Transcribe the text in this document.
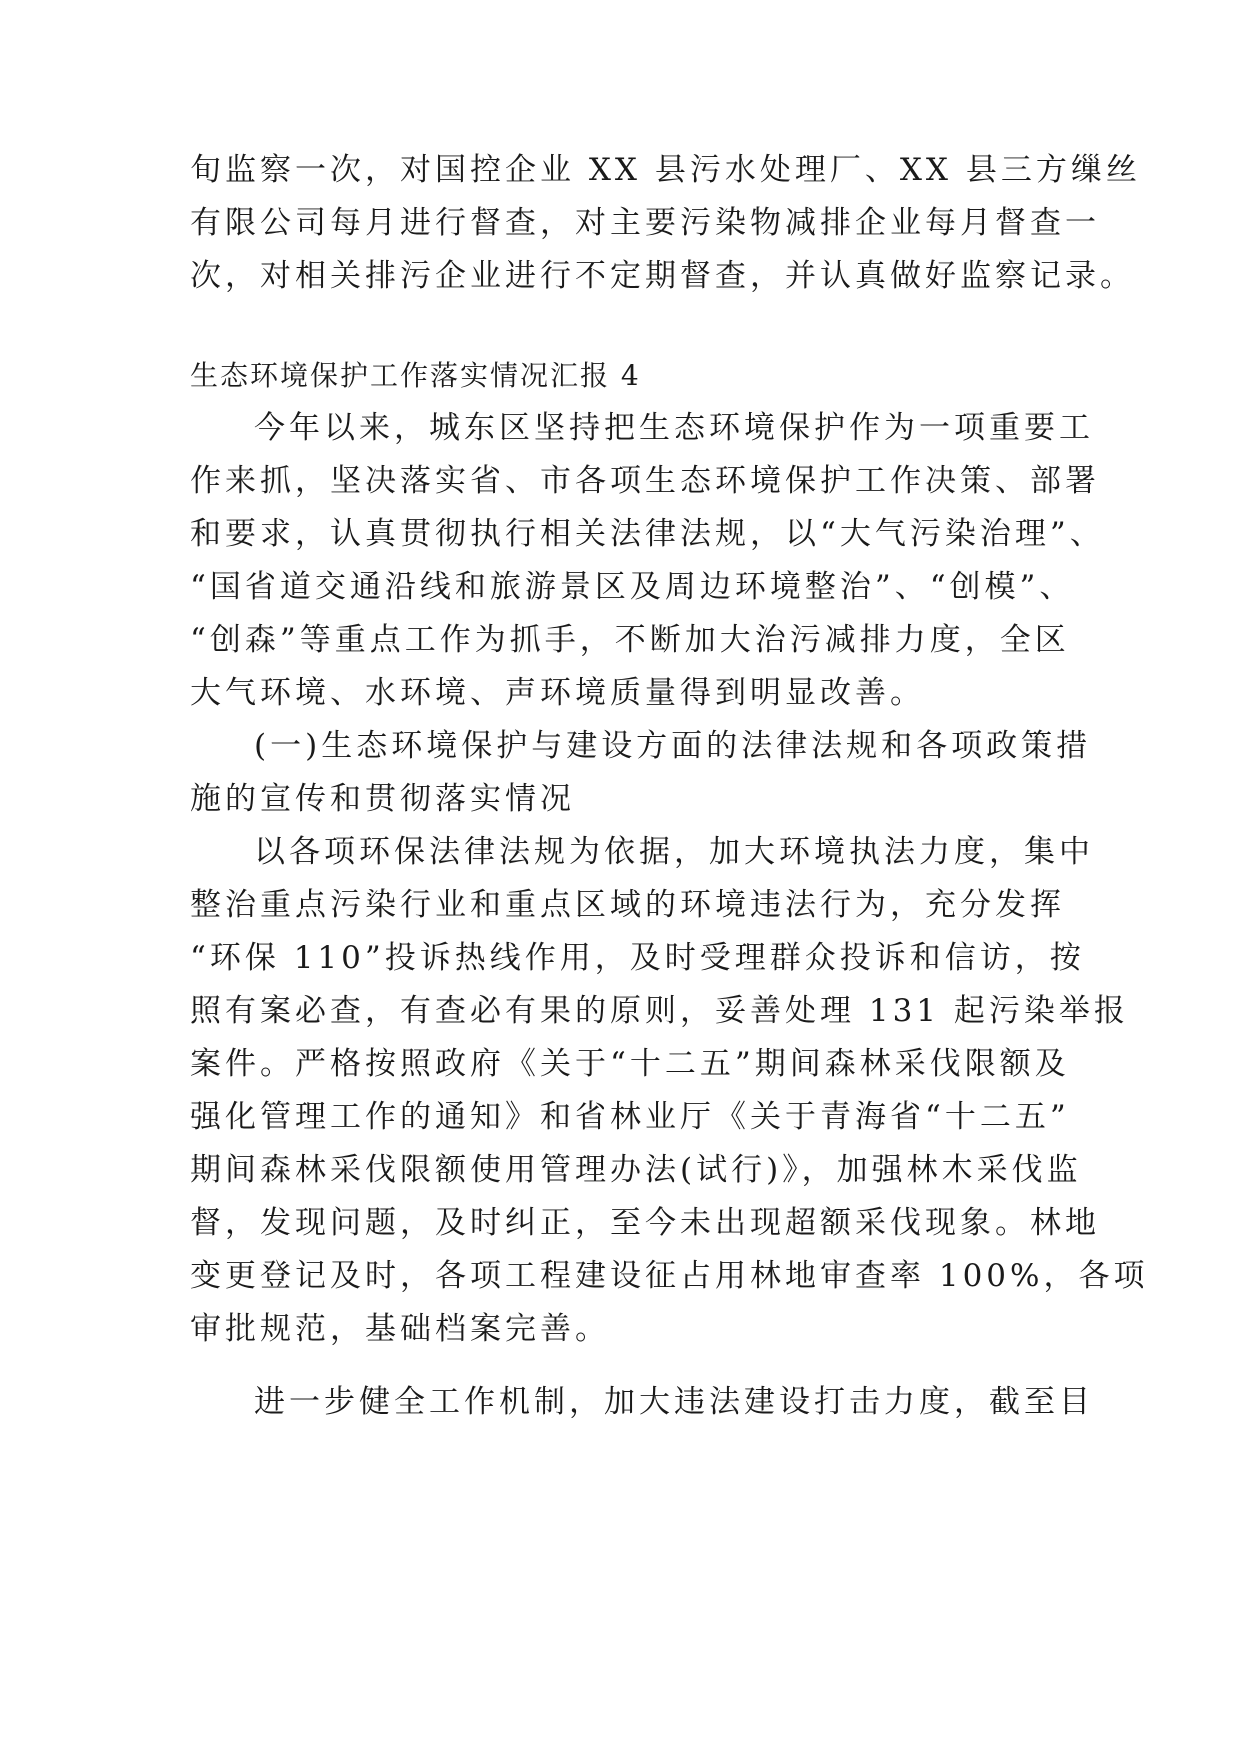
旬监察一次，对国控企业 XX 县污水处理厂、XX 县三方缫丝
有限公司每月进行督查，对主要污染物减排企业每月督查一
次，对相关排污企业进行不定期督查，并认真做好监察记录。
生态环境保护工作落实情况汇报 4
今年以来，城东区坚持把生态环境保护作为一项重要工
作来抓，坚决落实省、市各项生态环境保护工作决策、部署
和要求，认真贯彻执行相关法律法规，以“大气污染治理”、
“国省道交通沿线和旅游景区及周边环境整治”、“创模”、
“创森”等重点工作为抓手，不断加大治污减排力度，全区
大气环境、水环境、声环境质量得到明显改善。
(一)生态环境保护与建设方面的法律法规和各项政策措
施的宣传和贯彻落实情况
以各项环保法律法规为依据，加大环境执法力度，集中
整治重点污染行业和重点区域的环境违法行为，充分发挥
“环保 110”投诉热线作用，及时受理群众投诉和信访，按
照有案必查，有查必有果的原则，妥善处理 131 起污染举报
案件。严格按照政府《关于“十二五”期间森林采伐限额及
强化管理工作的通知》和省林业厅《关于青海省“十二五”
期间森林采伐限额使用管理办法(试行)》，加强林木采伐监
督，发现问题，及时纠正，至今未出现超额采伐现象。林地
变更登记及时，各项工程建设征占用林地审查率 100%，各项
审批规范，基础档案完善。
进一步健全工作机制，加大违法建设打击力度，截至目
